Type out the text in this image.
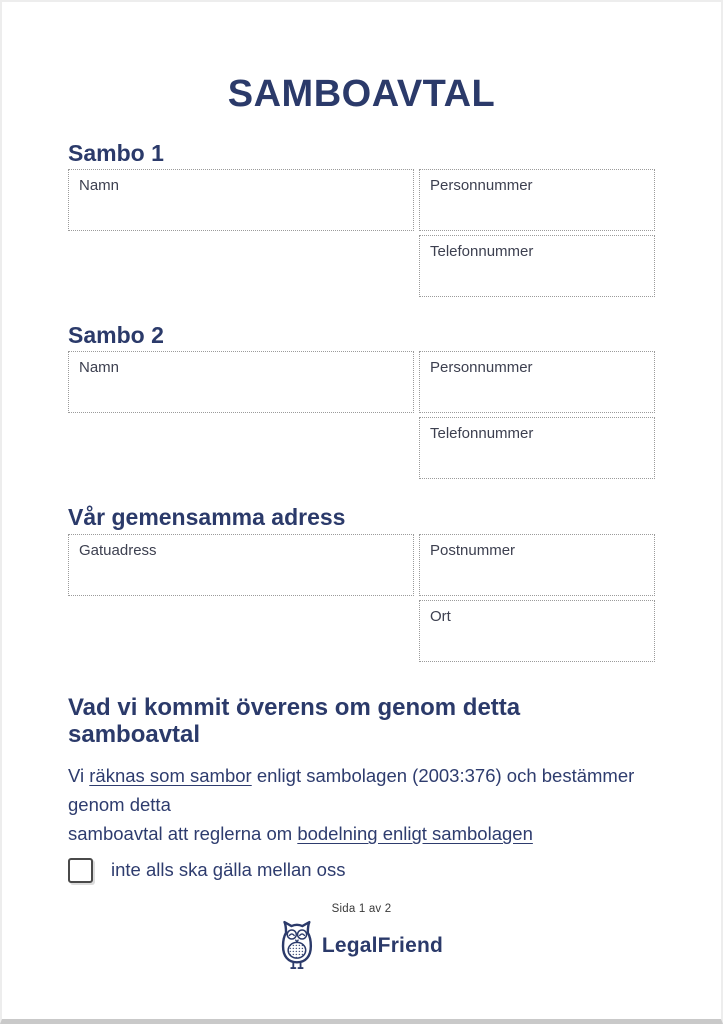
SAMBOAVTAL
Sambo 1
Namn	Personnummer
Telefonnummer
Sambo 2
Namn	Personnummer
Telefonnummer
Vår gemensamma adress
Gatuadress	Postnummer
Ort
Vad vi kommit överens om genom detta samboavtal

Vi räknas som sambor enligt sambolagen (2003:376) och bestämmer genom detta
samboavtal att reglerna om bodelning enligt sambolagen

inte alls ska gälla mellan oss
Sida 1 av 2
LegalFriend
